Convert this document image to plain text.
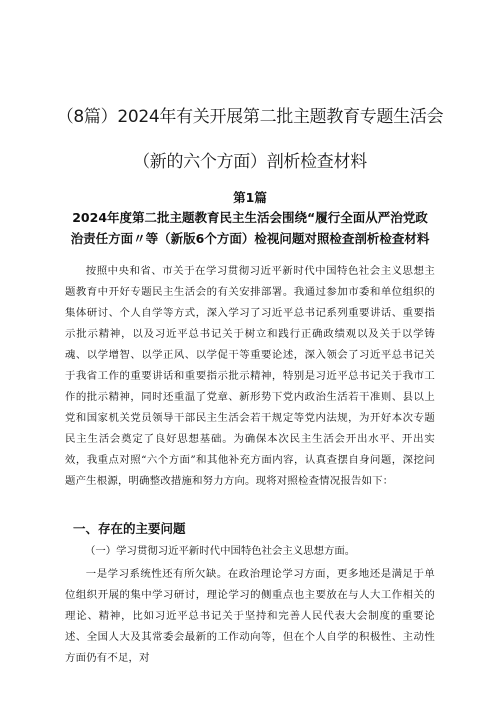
（8篇）2024年有关开展第二批主题教育专题生活会
（新的六个方面）剖析检查材料
第1篇
2024年度第二批主题教育民主生活会围绕“履行全面从严治党政治责任方面〃等（新版6个方面）检视问题对照检查剖析检查材料

按照中央和省、市关于在学习贯彻习近平新时代中国特色社会主义思想主题教育中开好专题民主生活会的有关安排部署。我通过参加市委和单位组织的集体研讨、个人自学等方式，深入学习了习近平总书记系列重要讲话、重要指示批示精神，以及习近平总书记关于树立和践行正确政绩观以及关于以学铸魂、以学增智、以学正风、以学促干等重要论述，深入领会了习近平总书记关于我省工作的重要讲话和重要指示批示精神，特别是习近平总书记关于我市工作的批示精神，同时还重温了党章、新形势下党内政治生活若干准则、县以上党和国家机关党员领导干部民主生活会若干规定等党内法规，为开好本次专题民主生活会奠定了良好思想基础。为确保本次民主生活会开出水平、开出实效，我重点对照“六个方面”和其他补充方面内容，认真查摆自身问题，深挖问题产生根源，明确整改措施和努力方向。现将对照检查情况报告如下：

一、存在的主要问题
（一）学习贯彻习近平新时代中国特色社会主义思想方面。

一是学习系统性还有所欠缺。在政治理论学习方面，更多地还是满足于单位组织开展的集中学习研讨，理论学习的侧重点也主要放在与人大工作相关的理论、精神，比如习近平总书记关于坚持和完善人民代表大会制度的重要论述、全国人大及其常委会最新的工作动向等，但在个人自学的积极性、主动性方面仍有不足，对
